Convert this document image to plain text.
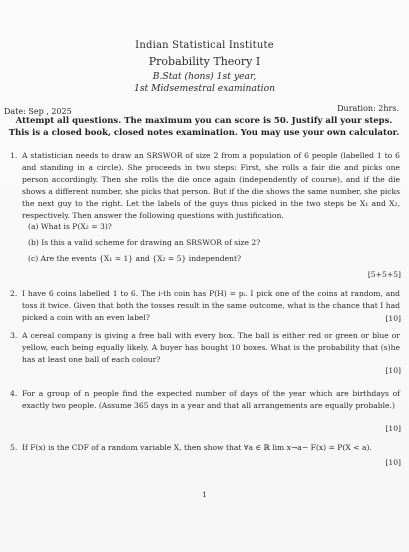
Indian Statistical Institute
Probability Theory I
B.Stat (hons) 1st year,
1st Midsemestral examination
Date: Sep , 2025	Duration: 2hrs.
Attempt all questions. The maximum you can score is 50. Justify all your steps.
This is a closed book, closed notes examination. You may use your own calculator.
1. A statistician needs to draw an SRSWOR of size 2 from a population of 6 people (labelled 1 to 6 and standing in a circle). She proceeds in two steps: First, she rolls a fair die and picks one person accordingly. Then she rolls the die once again (independently of course), and if the die shows a different number, she picks that person. But if the die shows the same number, she picks the next guy to the right. Let the labels of the guys thus picked in the two steps be X₁ and X₂, respectively. Then answer the following questions with justification.
(a) What is P(X₂ = 3)?
(b) Is this a valid scheme for drawing an SRSWOR of size 2?
(c) Are the events {X₁ = 1} and {X₂ = 5} independent?
[5+5+5]
2. I have 6 coins labelled 1 to 6. The i-th coin has P(H) = pᵢ. I pick one of the coins at random, and toss it twice. Given that both the tosses result in the same outcome, what is the chance that I had picked a coin with an even label?	[10]
3. A cereal company is giving a free ball with every box. The ball is either red or green or blue or yellow, each being equally likely. A buyer has bought 10 boxes. What is the probability that (s)he has at least one ball of each colour?
[10]
4. For a group of n people find the expected number of days of the year which are birthdays of exactly two people. (Assume 365 days in a year and that all arrangements are equally probable.)
[10]
5. If F(x) is the CDF of a random variable X, then show that ∀a ∈ ℝ lim x→a− F(x) = P(X < a).
[10]
1
